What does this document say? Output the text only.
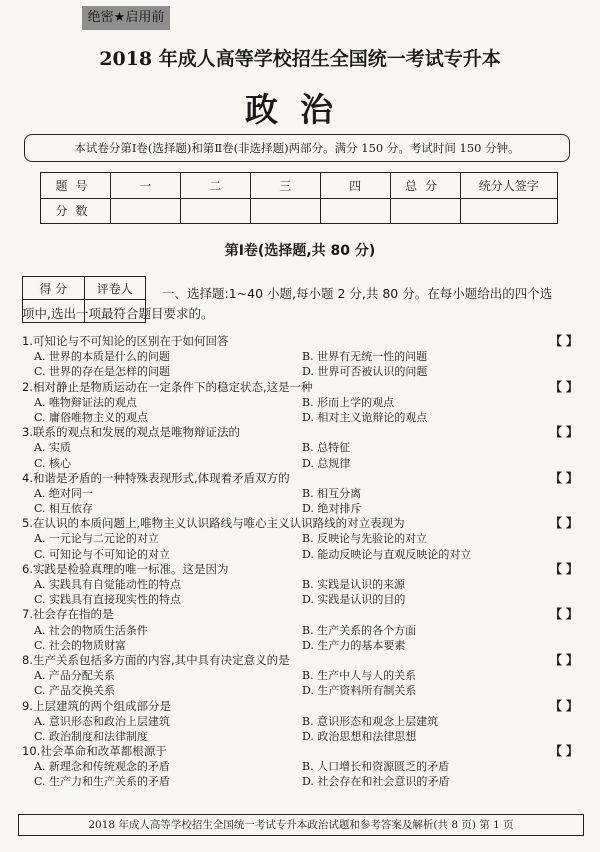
绝密★启用前
2018 年成人高等学校招生全国统一考试专升本
政治
本试卷分第Ⅰ卷(选择题)和第Ⅱ卷(非选择题)两部分。满分 150 分。考试时间 150 分钟。
题号	一	二	三	四	总分	统分人签字
分数						
第Ⅰ卷(选择题,共 80 分)
得 分	评卷人
	一、选择题:1~40 小题,每小题 2 分,共 80 分。在每小题给出的四个选
项中,选出一项最符合题目要求的。
1.可知论与不可知论的区别在于如何回答	【 】
A. 世界的本质是什么的问题	B. 世界有无统一性的问题
C. 世界的存在是怎样的问题	D. 世界可否被认识的问题
2.相对静止是物质运动在一定条件下的稳定状态,这是一种	【 】
A. 唯物辩证法的观点	B. 形而上学的观点
C. 庸俗唯物主义的观点	D. 相对主义诡辩论的观点
3.联系的观点和发展的观点是唯物辩证法的	【 】
A. 实质	B. 总特征
C. 核心	D. 总规律
4.和谐是矛盾的一种特殊表现形式,体现着矛盾双方的	【 】
A. 绝对同一	B. 相互分离
C. 相互依存	D. 绝对排斥
5.在认识的本质问题上,唯物主义认识路线与唯心主义认识路线的对立表现为	【 】
A. 一元论与二元论的对立	B. 反映论与先验论的对立
C. 可知论与不可知论的对立	D. 能动反映论与直观反映论的对立
6.实践是检验真理的唯一标准。这是因为	【 】
A. 实践具有自觉能动性的特点	B. 实践是认识的来源
C. 实践具有直接现实性的特点	D. 实践是认识的目的
7.社会存在指的是	【 】
A. 社会的物质生活条件	B. 生产关系的各个方面
C. 社会的物质财富	D. 生产力的基本要素
8.生产关系包括多方面的内容,其中具有决定意义的是	【 】
A. 产品分配关系	B. 生产中人与人的关系
C. 产品交换关系	D. 生产资料所有制关系
9.上层建筑的两个组成部分是	【 】
A. 意识形态和政治上层建筑	B. 意识形态和观念上层建筑
C. 政治制度和法律制度	D. 政治思想和法律思想
10.社会革命和改革都根源于	【 】
A. 新理念和传统观念的矛盾	B. 人口增长和资源匮乏的矛盾
C. 生产力和生产关系的矛盾	D. 社会存在和社会意识的矛盾
2018 年成人高等学校招生全国统一考试专升本政治试题和参考答案及解析(共 8 页) 第 1 页
